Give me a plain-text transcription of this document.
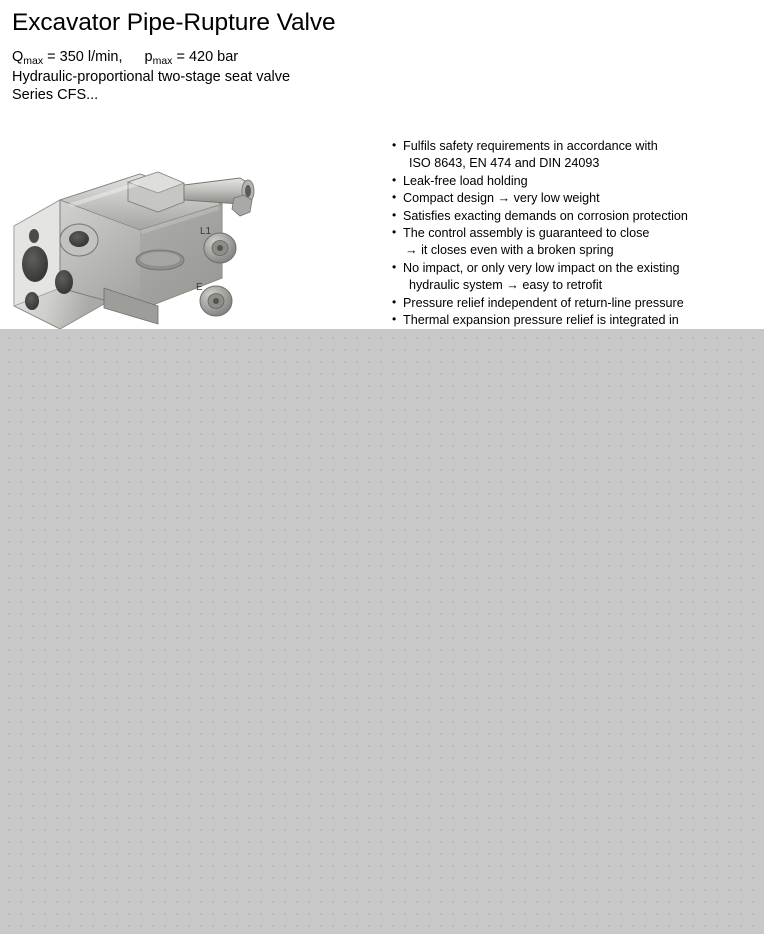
Excavator Pipe-Rupture Valve
$Q_{max} = 350$ l/min, $p_{max} = 420$ bar
Hydraulic-proportional two-stage seat valve
Series CFS...
L1
E
• Fulfils safety requirements in accordance with
ISO 8643, EN 474 and DIN 24093
• Leak-free load holding
• Compact design → very low weight
• Satisfies exacting demands on corrosion protection
• The control assembly is guaranteed to close
→ it closes even with a broken spring
• No impact, or only very low impact on the existing
hydraulic system → easy to retrofit
• Pressure relief independent of return-line pressure
• Thermal expansion pressure relief is integrated in
